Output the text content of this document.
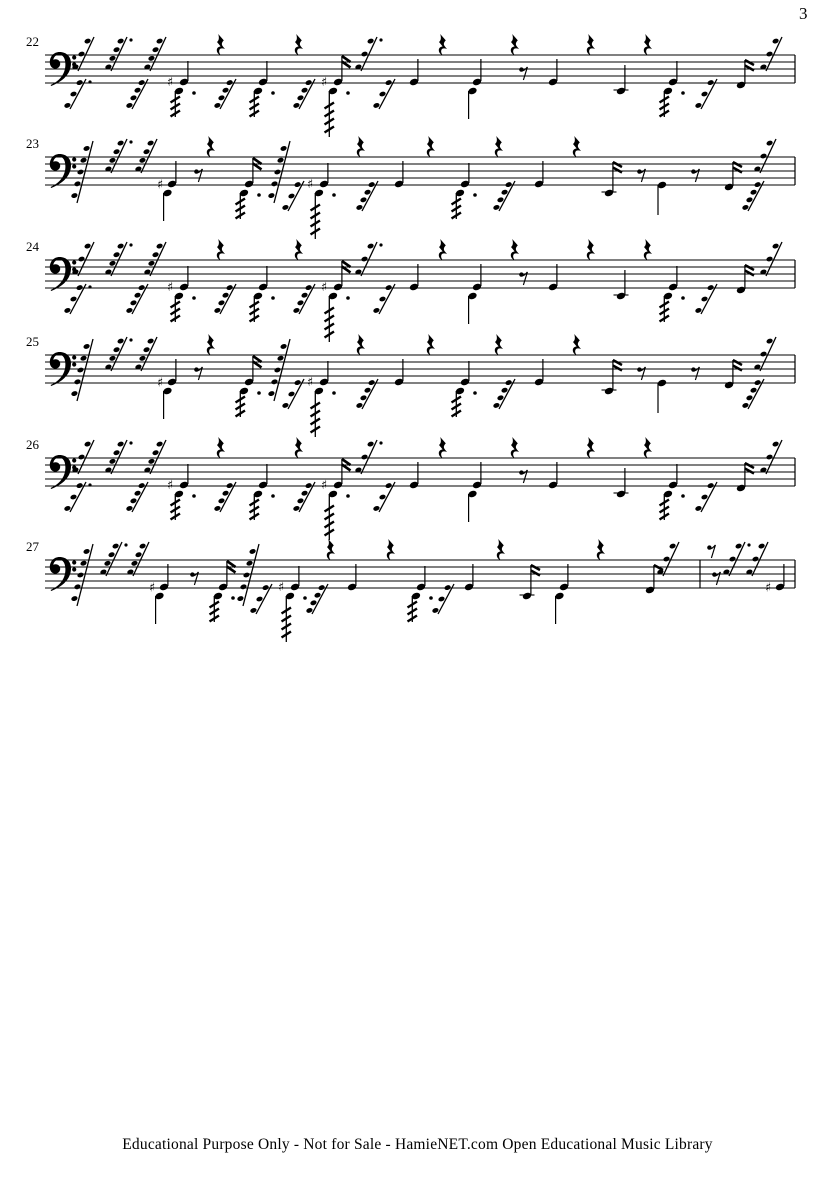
3
22
♯	♯
23
♯	♯
24
♯	♯
25
♯	♯
26
♯	♯
27
♯	♯	♯
Educational Purpose Only - Not for Sale - HamieNET.com Open Educational Music Library
